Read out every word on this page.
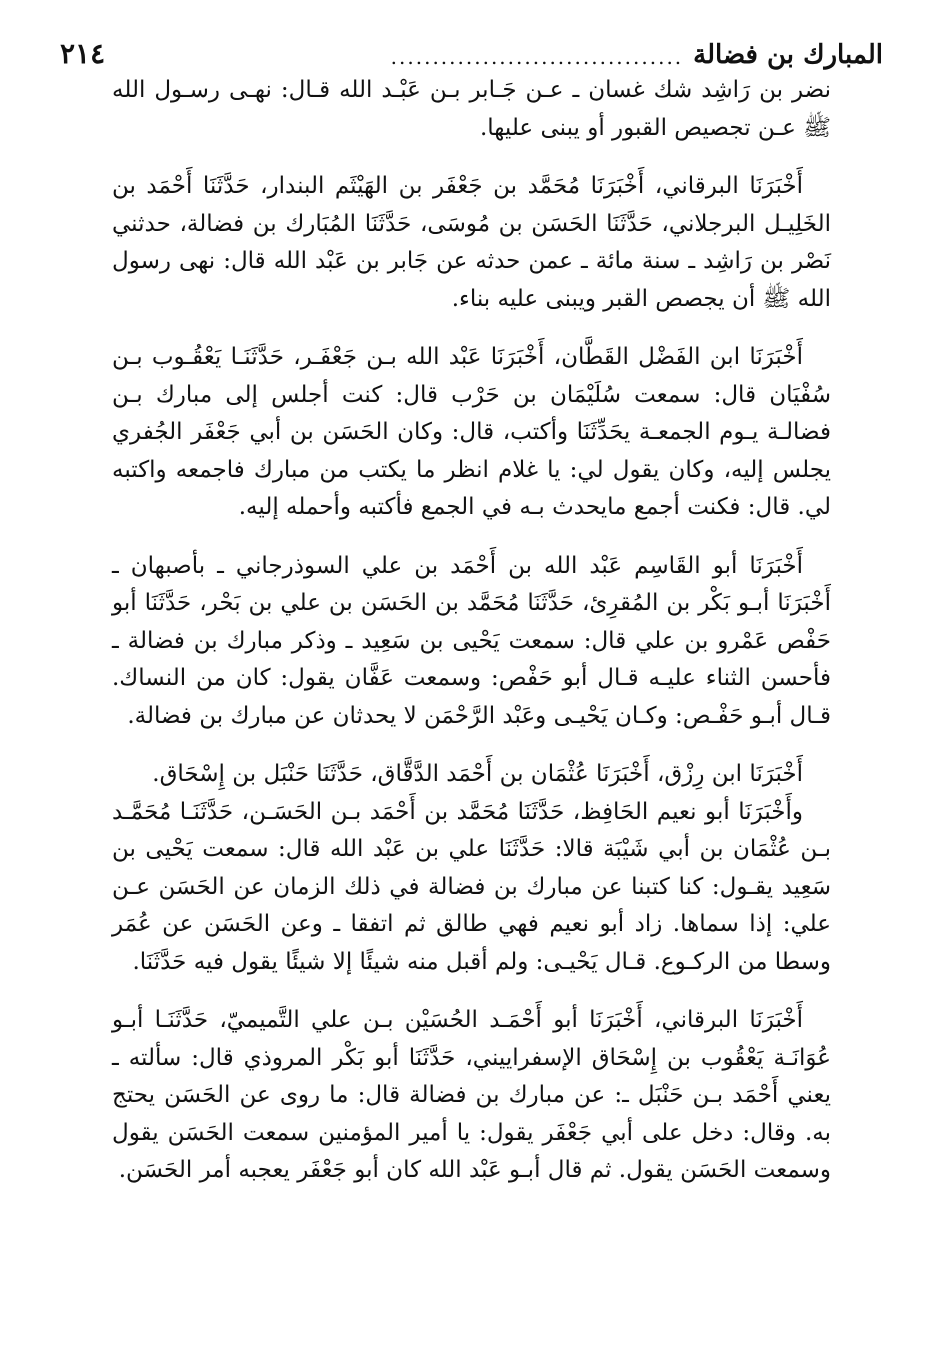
المبارك بن فضالة
...................................
٢١٤

نضر بن رَاشِد شك غسان ـ عـن جَـابر بـن عَبْـد الله قـال: نهـى رسـول الله ﷺ عـن تجصيص القبور أو يبنى عليها.

أَخْبَرَنَا البرقاني، أَخْبَرَنَا مُحَمَّد بن جَعْفَر بن الهَيْثَم البندار، حَدَّثَنَا أَحْمَد بن الخَلِيـل البرجلاني، حَدَّثَنَا الحَسَن بن مُوسَى، حَدَّثَنَا المُبَارك بن فضالة، حدثني نَصْر بن رَاشِد ـ سنة مائة ـ عمن حدثه عن جَابر بن عَبْد الله قال: نهى رسول الله ﷺ أن يجصص القبر ويبنى عليه بناء.

أَخْبَرَنَا ابن الفَضْل القَطَّان، أَخْبَرَنَا عَبْد الله بـن جَعْفَـر، حَدَّثَنَـا يَعْقُـوب بـن سُفْيَان قال: سمعت سُلَيْمَان بن حَرْب قال: كنت أجلس إلى مبارك بـن فضالـة يـوم الجمعـة يحَدِّثَنَا وأكتب، قال: وكان الحَسَن بن أبي جَعْفَر الجُفري يجلس إليه، وكان يقول لي: يا غلام انظر ما يكتب من مبارك فاجمعه واكتبه لي. قال: فكنت أجمع مايحدث بـه في الجمع فأكتبه وأحمله إليه.

أَخْبَرَنَا أبو القَاسِم عَبْد الله بن أَحْمَد بن علي السوذرجاني ـ بأصبهان ـ أَخْبَرَنَا أبـو بَكْر بن المُقرِئ، حَدَّثَنَا مُحَمَّد بن الحَسَن بن علي بن بَحْر، حَدَّثَنَا أبو حَفْص عَمْرو بن علي قال: سمعت يَحْيى بن سَعِيد ـ وذكر مبارك بن فضالة ـ فأحسن الثناء عليـه قـال أبو حَفْص: وسمعت عَفَّان يقول: كان من النساك. قـال أبـو حَفْـص: وكـان يَحْيـى وعَبْد الرَّحْمَن لا يحدثان عن مبارك بن فضالة.

أَخْبَرَنَا ابن رِزْق، أَخْبَرَنَا عُثْمَان بن أَحْمَد الدَّقَّاق، حَدَّثَنَا حَنْبَل بن إِسْحَاق.

وأَخْبَرَنَا أبو نعيم الحَافِظ، حَدَّثَنَا مُحَمَّد بن أَحْمَد بـن الحَسَـن، حَدَّثَنَـا مُحَمَّـد بـن عُثْمَان بن أبي شَيْبَة قالا: حَدَّثَنَا علي بن عَبْد الله قال: سمعت يَحْيى بن سَعِيد يقـول: كنا كتبنا عن مبارك بن فضالة في ذلك الزمان عن الحَسَن عـن علي: إذا سماها. زاد أبو نعيم فهي طالق ثم اتفقا ـ وعن الحَسَن عن عُمَر وسطا من الركـوع. قـال يَحْيـى: ولم أقبل منه شيئًا إلا شيئًا يقول فيه حَدَّثَنَا.

أَخْبَرَنَا البرقاني، أَخْبَرَنَا أبو أَحْمَـد الحُسَيْن بـن علي التَّميميّ، حَدَّثَنَـا أبـو عُوَانَـة يَعْقُوب بن إِسْحَاق الإسفراييني، حَدَّثَنَا أبو بَكْر المروذي قال: سألته ـ يعني أَحْمَد بـن حَنْبَل ـ: عن مبارك بن فضالة قال: ما روى عن الحَسَن يحتج به. وقال: دخل على أبي جَعْفَر يقول: يا أمير المؤمنين سمعت الحَسَن يقول وسمعت الحَسَن يقول. ثم قال أبـو عَبْد الله كان أبو جَعْفَر يعجبه أمر الحَسَن.
